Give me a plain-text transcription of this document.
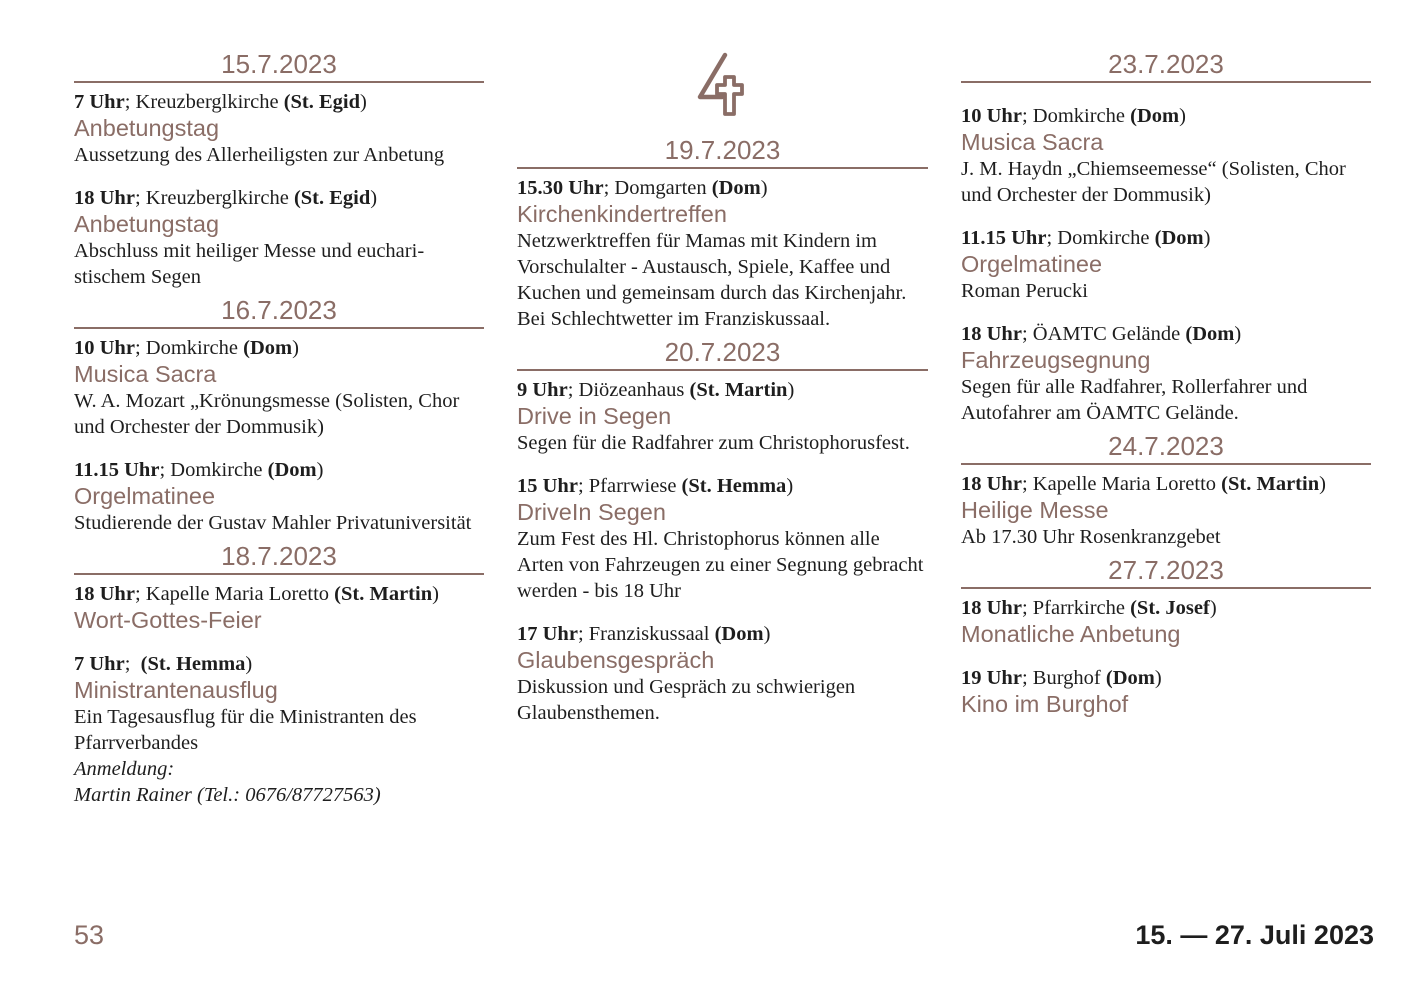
15.7.2023
7 Uhr; Kreuzberglkirche (St. Egid)
Anbetungstag
Aussetzung des Allerheiligsten zur Anbetung
18 Uhr; Kreuzberglkirche (St. Egid)
Anbetungstag
Abschluss mit heiliger Messe und eucharistischem Segen
16.7.2023
10 Uhr; Domkirche (Dom)
Musica Sacra
W. A. Mozart „Krönungsmesse (Solisten, Chor und Orchester der Dommusik)
11.15 Uhr; Domkirche (Dom)
Orgelmatinee
Studierende der Gustav Mahler Privatuniversität
18.7.2023
18 Uhr; Kapelle Maria Loretto (St. Martin)
Wort-Gottes-Feier
7 Uhr;  (St. Hemma)
Ministrantenausflug
Ein Tagesausflug für die Ministranten des Pfarrverbandes
Anmeldung:
Martin Rainer (Tel.: 0676/87727563)
19.7.2023
15.30 Uhr; Domgarten (Dom)
Kirchenkindertreffen
Netzwerktreffen für Mamas mit Kindern im Vorschulalter - Austausch, Spiele, Kaffee und Kuchen und gemeinsam durch das Kirchenjahr. Bei Schlechtwetter im Franziskussaal.
20.7.2023
9 Uhr; Diözeanhaus (St. Martin)
Drive in Segen
Segen für die Radfahrer zum Christophorusfest.
15 Uhr; Pfarrwiese (St. Hemma)
DriveIn Segen
Zum Fest des Hl. Christophorus können alle Arten von Fahrzeugen zu einer Segnung gebracht werden - bis 18 Uhr
17 Uhr; Franziskussaal (Dom)
Glaubensgespräch
Diskussion und Gespräch zu schwierigen Glaubensthemen.
23.7.2023
10 Uhr; Domkirche (Dom)
Musica Sacra
J. M. Haydn „Chiemseemesse“ (Solisten, Chor und Orchester der Dommusik)
11.15 Uhr; Domkirche (Dom)
Orgelmatinee
Roman Perucki
18 Uhr; ÖAMTC Gelände (Dom)
Fahrzeugsegnung
Segen für alle Radfahrer, Rollerfahrer und Autofahrer am ÖAMTC Gelände.
24.7.2023
18 Uhr; Kapelle Maria Loretto (St. Martin)
Heilige Messe
Ab 17.30 Uhr Rosenkranzgebet
27.7.2023
18 Uhr; Pfarrkirche (St. Josef)
Monatliche Anbetung
19 Uhr; Burghof (Dom)
Kino im Burghof
53	15. — 27. Juli 2023
